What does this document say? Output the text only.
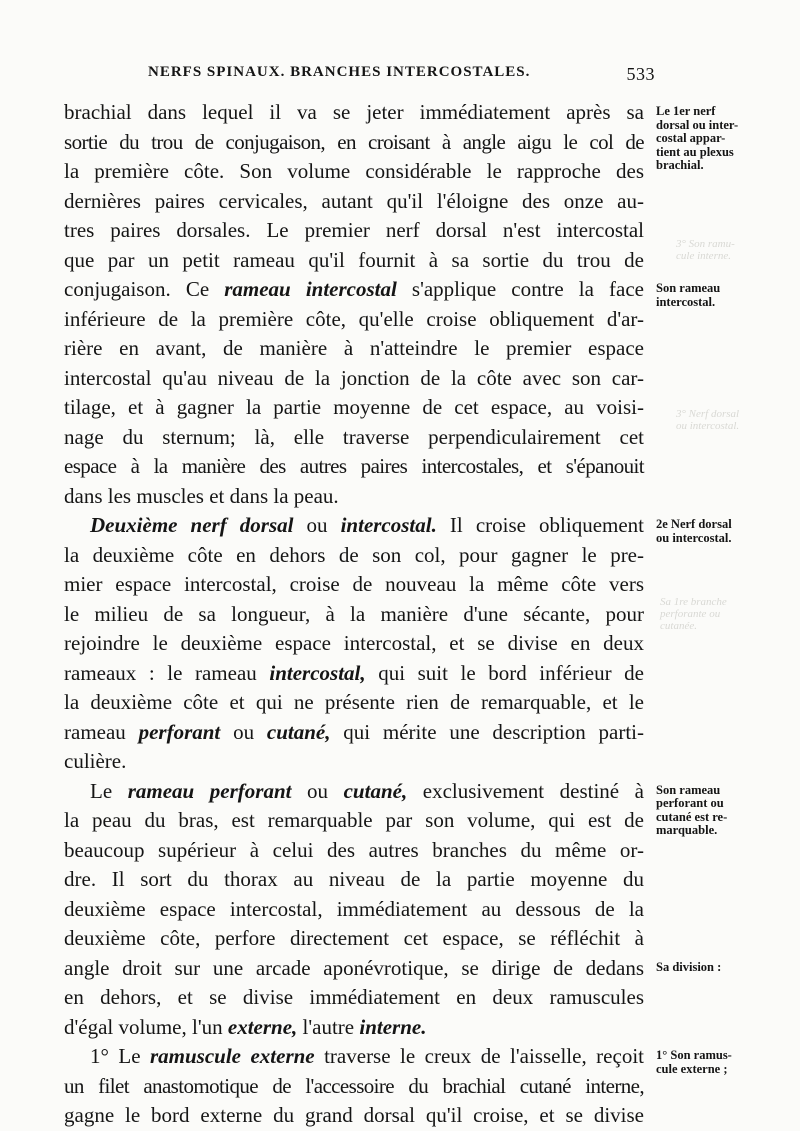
NERFS SPINAUX. BRANCHES INTERCOSTALES.	533
brachial dans lequel il va se jeter immédiatement après sa
sortie du trou de conjugaison, en croisant à angle aigu le col de
la première côte. Son volume considérable le rapproche des
dernières paires cervicales, autant qu'il l'éloigne des onze au-
tres paires dorsales. Le premier nerf dorsal n'est intercostal
que par un petit rameau qu'il fournit à sa sortie du trou de
conjugaison. Ce rameau intercostal s'applique contre la face
inférieure de la première côte, qu'elle croise obliquement d'ar-
rière en avant, de manière à n'atteindre le premier espace
intercostal qu'au niveau de la jonction de la côte avec son car-
tilage, et à gagner la partie moyenne de cet espace, au voisi-
nage du sternum; là, elle traverse perpendiculairement cet
espace à la manière des autres paires intercostales, et s'épanouit
dans les muscles et dans la peau.
Deuxième nerf dorsal ou intercostal. Il croise obliquement
la deuxième côte en dehors de son col, pour gagner le pre-
mier espace intercostal, croise de nouveau la même côte vers
le milieu de sa longueur, à la manière d'une sécante, pour
rejoindre le deuxième espace intercostal, et se divise en deux
rameaux : le rameau intercostal, qui suit le bord inférieur de
la deuxième côte et qui ne présente rien de remarquable, et le
rameau perforant ou cutané, qui mérite une description parti-
culière.
Le rameau perforant ou cutané, exclusivement destiné à
la peau du bras, est remarquable par son volume, qui est de
beaucoup supérieur à celui des autres branches du même or-
dre. Il sort du thorax au niveau de la partie moyenne du
deuxième espace intercostal, immédiatement au dessous de la
deuxième côte, perfore directement cet espace, se réfléchit à
angle droit sur une arcade aponévrotique, se dirige de dedans
en dehors, et se divise immédiatement en deux ramuscules
d'égal volume, l'un externe, l'autre interne.
1° Le ramuscule externe traverse le creux de l'aisselle, reçoit
un filet anastomotique de l'accessoire du brachial cutané interne,
gagne le bord externe du grand dorsal qu'il croise, et se divise
Le 1er nerf
dorsal ou inter-
costal appar-
tient au plexus
brachial.
Son rameau
intercostal.
2e Nerf dorsal
ou intercostal.
Son rameau
perforant ou
cutané est re-
marquable.
Sa division :
1° Son ramus-
cule externe ;
3° Son ramu-
cule interne.
3° Nerf dorsal
ou intercostal.
Sa 1re branche
perforante ou
cutanée.
